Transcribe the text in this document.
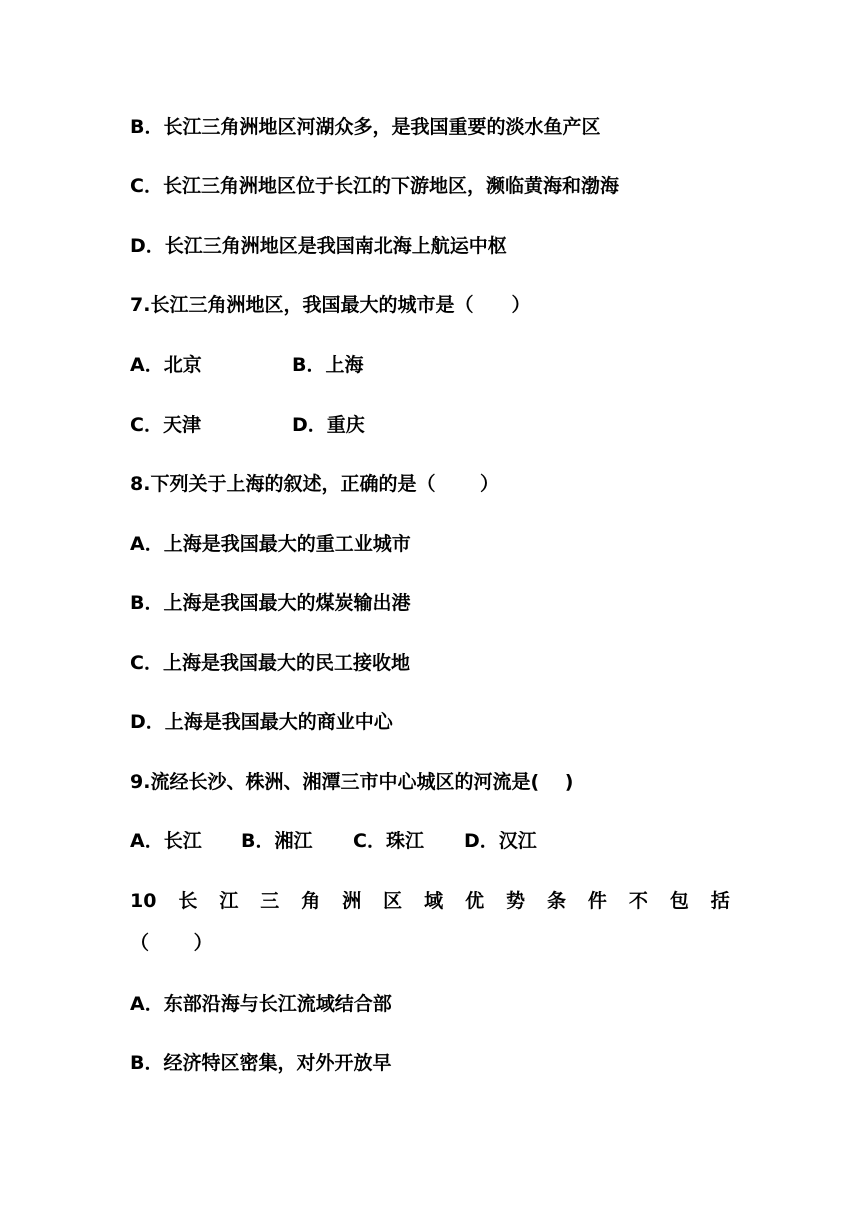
B．长江三角洲地区河湖众多，是我国重要的淡水鱼产区
C．长江三角洲地区位于长江的下游地区，濒临黄海和渤海
D．长江三角洲地区是我国南北海上航运中枢
7.长江三角洲地区，我国最大的城市是（　　）
A．北京	B．上海
C．天津	D．重庆
8.下列关于上海的叙述，正确的是（　　 ）
A．上海是我国最大的重工业城市
B．上海是我国最大的煤炭输出港
C．上海是我国最大的民工接收地
D．上海是我国最大的商业中心
9.流经长沙、株洲、湘潭三市中心城区的河流是(　 )
A．长江 B．湘江 C．珠江 D．汉江
10 长 江 三 角 洲 区 域 优 势 条 件 不 包 括
（　　 ）
A．东部沿海与长江流域结合部
B．经济特区密集，对外开放早
